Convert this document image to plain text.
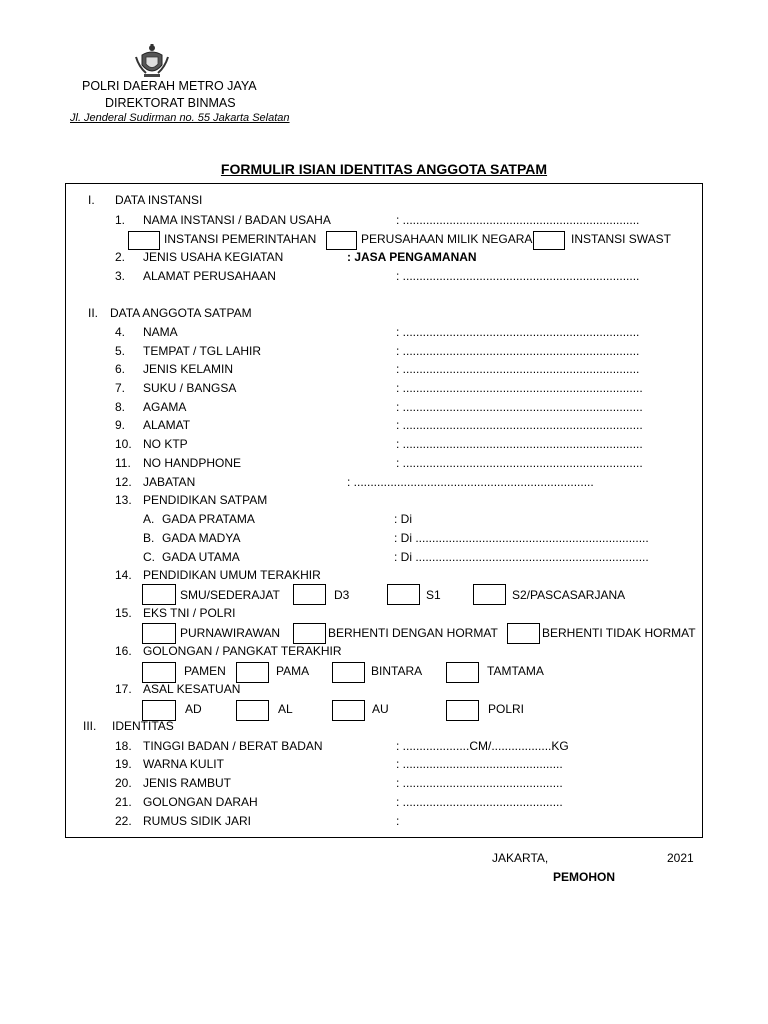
POLRI DAERAH METRO JAYA
DIREKTORAT BINMAS
Jl. Jenderal Sudirman no. 55 Jakarta Selatan
FORMULIR ISIAN IDENTITAS ANGGOTA SATPAM
I. DATA INSTANSI
1. NAMA INSTANSI / BADAN USAHA	: .......................................................................
INSTANSI PEMERINTAHAN	PERUSAHAAN MILIK NEGARA	INSTANSI SWAST
2. JENIS USAHA KEGIATAN	: JASA PENGAMANAN
3. ALAMAT PERUSAHAAN	: .......................................................................
II. DATA ANGGOTA SATPAM
4. NAMA	: .......................................................................
5. TEMPAT / TGL LAHIR	: .......................................................................
6. JENIS KELAMIN	: .......................................................................
7. SUKU / BANGSA	: ........................................................................
8. AGAMA	: ........................................................................
9. ALAMAT	: ........................................................................
10. NO KTP	: ........................................................................
11. NO HANDPHONE	: ........................................................................
12. JABATAN	: ........................................................................
13. PENDIDIKAN SATPAM
A. GADA PRATAMA	: Di
B. GADA MADYA	: Di ......................................................................
C. GADA UTAMA	: Di ......................................................................
14. PENDIDIKAN UMUM TERAKHIR
SMU/SEDERAJAT	D3	S1	S2/PASCASARJANA
15. EKS TNI / POLRI
PURNAWIRAWAN	BERHENTI DENGAN HORMAT	BERHENTI TIDAK HORMAT
16. GOLONGAN / PANGKAT TERAKHIR
PAMEN	PAMA	BINTARA	TAMTAMA
17. ASAL KESATUAN
AD	AL	AU	POLRI
III. IDENTITAS
18. TINGGI BADAN / BERAT BADAN	: ....................CM/..................KG
19. WARNA KULIT	: ................................................
20. JENIS RAMBUT	: ................................................
21. GOLONGAN DARAH	: ................................................
22. RUMUS SIDIK JARI	:
JAKARTA,	2021
PEMOHON
